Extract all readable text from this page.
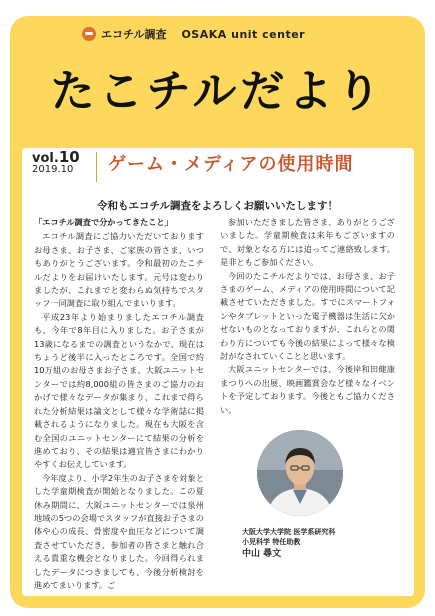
エコチル調査 OSAKA unit center
たこチルだより
vol.10
2019.10 ゲーム・メディアの使用時間
令和もエコチル調査をよろしくお願いいたします！

「エコチル調査で分かってきたこと」

エコチル調査にご協力いただいておりますお母さま、お子さま、ご家族の皆さま、いつもありがとうございます。令和最初のたこチルだよりをお届けいたします。元号は変わりましたが、これまでと変わらぬ気持ちでスタッフ一同調査に取り組んでまいります。

平成23年より始まりましたエコチル調査も、今年で8年目に入りました。お子さまが13歳になるまでの調査というなかで、現在はちょうど後半に入ったところです。全国で約10万組のお母さまお子さま、大阪ユニットセンターでは約8,000組の皆さまのご協力のおかげで様々なデータが集まり、これまで得られた分析結果は論文として様々な学術誌に掲載されるようになりました。現在も大阪を含む全国のユニットセンターにて結果の分析を進めており、その結果は適宜皆さまにわかりやすくお伝えしています。

今年度より、小学2年生のお子さまを対象とした学童期検査が開始となりました。この夏休み期間に、大阪ユニットセンターでは泉州地域の5つの会場でスタッフが直接お子さまの体や心の成長、骨密度や血圧などについて調査させていただき、参加者の皆さまと触れ合える貴重な機会となりました。今回得られましたデータにつきましても、今後分析検討を進めてまいります。ご

参加いただきました皆さま、ありがとうございました。学童期検査は来年もございますので、対象となる方には追ってご連絡致します。是非ともご参加ください。

今回のたこチルだよりでは、お母さま、お子さまのゲーム、メディアの使用時間について記載させていただきました。すでにスマートフォンやタブレットといった電子機器は生活に欠かせないものとなっておりますが、これらとの関わり方についても今後の結果によって様々な検討がなされていくことと思います。

大阪ユニットセンターでは、今後岸和田健康まつりへの出展、映画鑑賞会など様々なイベントを予定しております。今後ともご協力ください。

大阪大学大学院 医学系研究科
小児科学 特任助教
中山 尋文
